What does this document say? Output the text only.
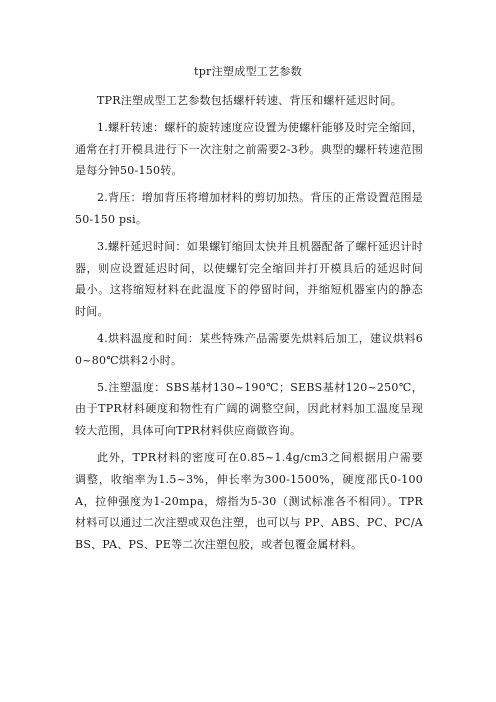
tpr注塑成型工艺参数

TPR注塑成型工艺参数包括螺杆转速、背压和螺杆延迟时间。

1.螺杆转速：螺杆的旋转速度应设置为使螺杆能够及时完全缩回，通常在打开模具进行下一次注射之前需要2-3秒。典型的螺杆转速范围是每分钟50-150转。

2.背压：增加背压将增加材料的剪切加热。背压的正常设置范围是50-150 psi。

3.螺杆延迟时间：如果螺钉缩回太快并且机器配备了螺杆延迟计时器，则应设置延迟时间，以使螺钉完全缩回并打开模具后的延迟时间最小。这将缩短材料在此温度下的停留时间，并缩短机器室内的静态时间。

4.烘料温度和时间：某些特殊产品需要先烘料后加工，建议烘料60~80℃烘料2小时。

5.注塑温度：SBS基材130~190℃；SEBS基材120~250℃，由于TPR材料硬度和物性有广阔的调整空间，因此材料加工温度呈现较大范围，具体可向TPR材料供应商做咨询。

此外，TPR材料的密度可在0.85~1.4g/cm3之间根据用户需要调整，收缩率为1.5~3%，伸长率为300-1500%，硬度邵氏0-100A，拉伸强度为1-20mpa，熔指为5-30（测试标准各不相同）。TPR材料可以通过二次注塑或双色注塑，也可以与 PP、ABS、PC、PC/ABS、PA、PS、PE等二次注塑包胶，或者包覆金属材料。
